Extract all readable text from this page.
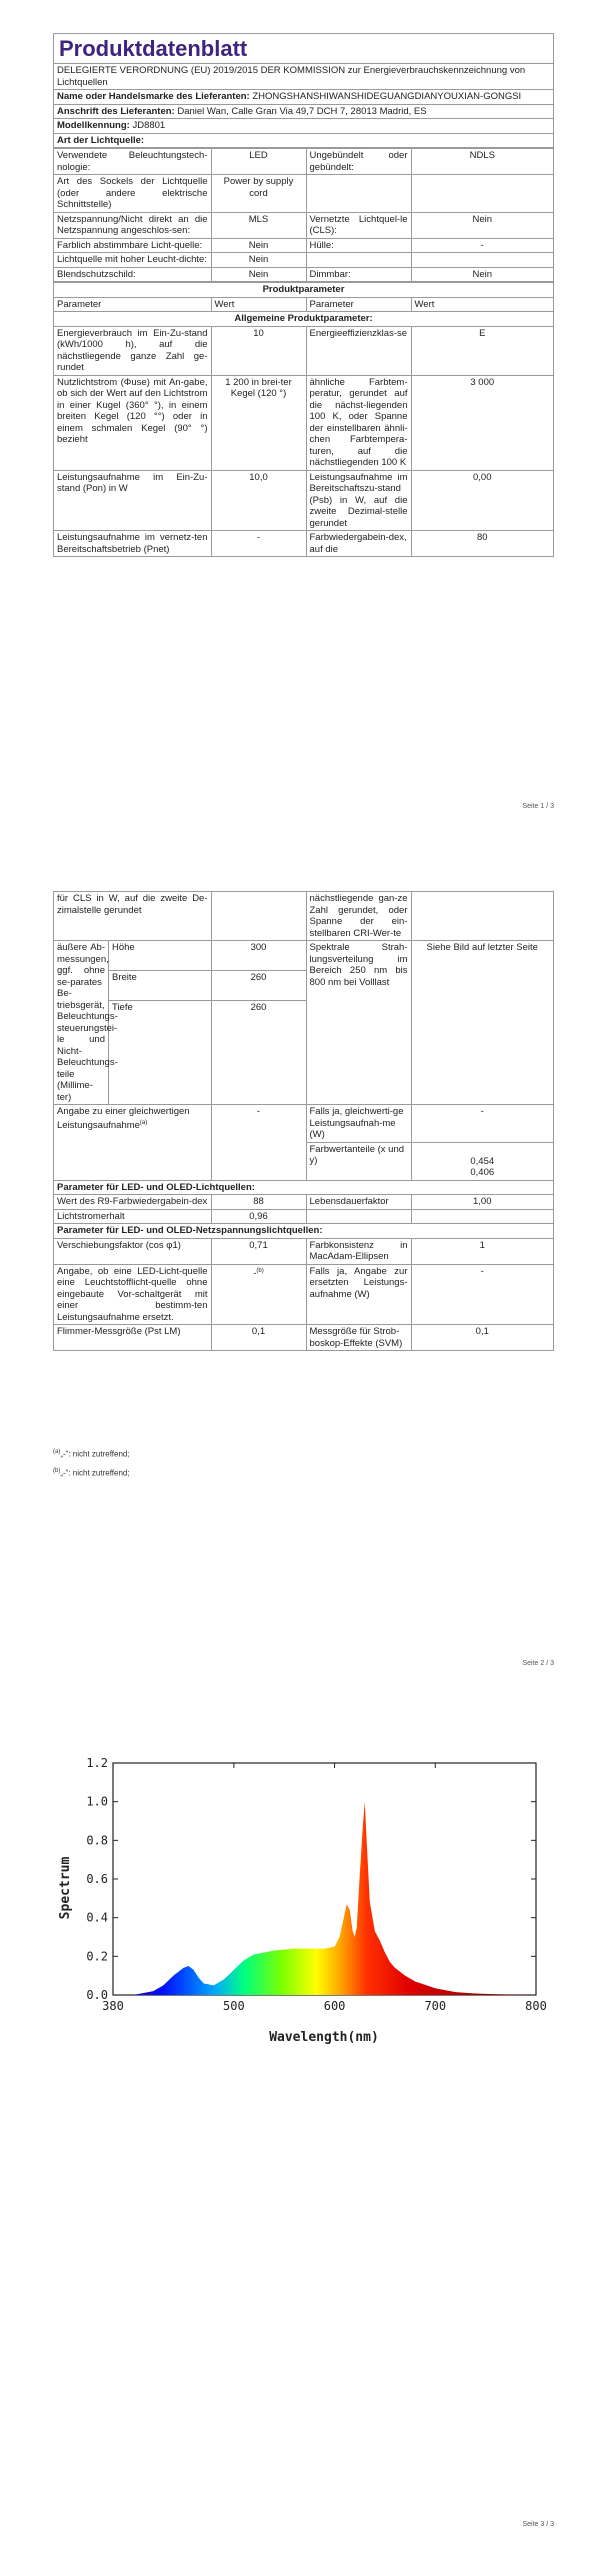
Produktdatenblatt
DELEGIERTE VERORDNUNG (EU) 2019/2015 DER KOMMISSION zur Energieverbrauchskennzeichnung von Lichtquellen
Name oder Handelsmarke des Lieferanten: ZHONGSHANSHIWANSHIDEGUANGDIANYOUXIAN-GONGSI
Anschrift des Lieferanten: Daniel Wan, Calle Gran Via 49,7 DCH 7, 28013 Madrid, ES
Modellkennung: JD8801
Art der Lichtquelle:
Verwendete Beleuchtungstech-nologie:	LED	Ungebündelt oder gebündelt:	NDLS
Art des Sockels der Lichtquelle (oder andere elektrische Schnittstelle)	Power by supply cord		
Netzspannung/Nicht direkt an die Netzspannung angeschlos-sen:	MLS	Vernetzte Lichtquel-le (CLS):	Nein
Farblich abstimmbare Licht-quelle:	Nein	Hülle:	-
Lichtquelle mit hoher Leucht-dichte:	Nein		
Blendschutzschild:	Nein	Dimmbar:	Nein
Produktparameter			
Parameter	Wert	Parameter	Wert
Allgemeine Produktparameter:			
Energieverbrauch im Ein-Zu-stand (kWh/1000 h), auf die nächstliegende ganze Zahl ge-rundet	10	Energieeffizienzklas-se	E
Nutzlichtstrom (Φuse) mit An-gabe, ob sich der Wert auf den Lichtstrom in einer Kugel (360° °), in einem breiten Kegel (120 °°) oder in einem schmalen Kegel (90° °) bezieht	1 200 in brei-ter Kegel (120 °)	ähnliche Farbtem-peratur, gerundet auf die nächst-liegenden 100 K, oder Spanne der einstellbaren ähnli-chen Farbtempera-turen, auf die nächstliegenden 100 K	3 000
Leistungsaufnahme im Ein-Zu-stand (Pon) in W	10,0	Leistungsaufnahme im Bereitschaftszu-stand (Psb) in W, auf die zweite Dezimal-stelle gerundet	0,00
Leistungsaufnahme im vernetz-ten Bereitschaftsbetrieb (Pnet)	-	Farbwiedergabein-dex, auf die	80
Seite 1 / 3
für CLS in W, auf die zweite De-zimalstelle gerundet			nächstliegende gan-ze Zahl gerundet, oder Spanne der ein-stellbaren CRI-Wer-te	
äußere Ab-messungen, ggf. ohne se-parates Be-triebsgerät, Beleuchtungs-steuerungstei-le und Nicht-Beleuchtungs-teile (Millime-ter)	Höhe	300	Spektrale Strah-lungsverteilung im Bereich 250 nm bis 800 nm bei Volllast	Siehe Bild auf letzter Seite
	Breite	260		
	Tiefe	260		
Angabe zu einer gleichwertigen Leistungsaufnahme$^{(a)}$		-	Falls ja, gleichwerti-ge Leistungsaufnah-me (W)	-
			Farbwertanteile (x und y)	0,454
0,406

Parameter für LED- und OLED-Lichtquellen:				
Wert des R9-Farbwiedergabein-dex		88	Lebensdauerfaktor	1,00
Lichtstromerhalt		0,96		
Parameter für LED- und OLED-Netzspannungslichtquellen:				
Verschiebungsfaktor (cos φ1)		0,71	Farbkonsistenz in MacAdam-Ellipsen	1
Angabe, ob eine LED-Licht-quelle eine Leuchtstofflicht-quelle ohne eingebaute Vor-schaltgerät mit einer bestimm-ten Leistungsaufnahme ersetzt.		-$^{(b)}$	Falls ja, Angabe zur ersetzten Leistungs-aufnahme (W)	-
Flimmer-Messgröße (Pst LM)		0,1	Messgröße für Strob-boskop-Effekte (SVM)	0,1
$^{(a)}$„-“: nicht zutreffend;
$^{(b)}$„-“: nicht zutreffend;
Seite 2 / 3
380	500	600	700	800
0.0
0.2
0.4
0.6
0.8
1.0
1.2
Wavelength(nm)
Spectrum
Seite 3 / 3
